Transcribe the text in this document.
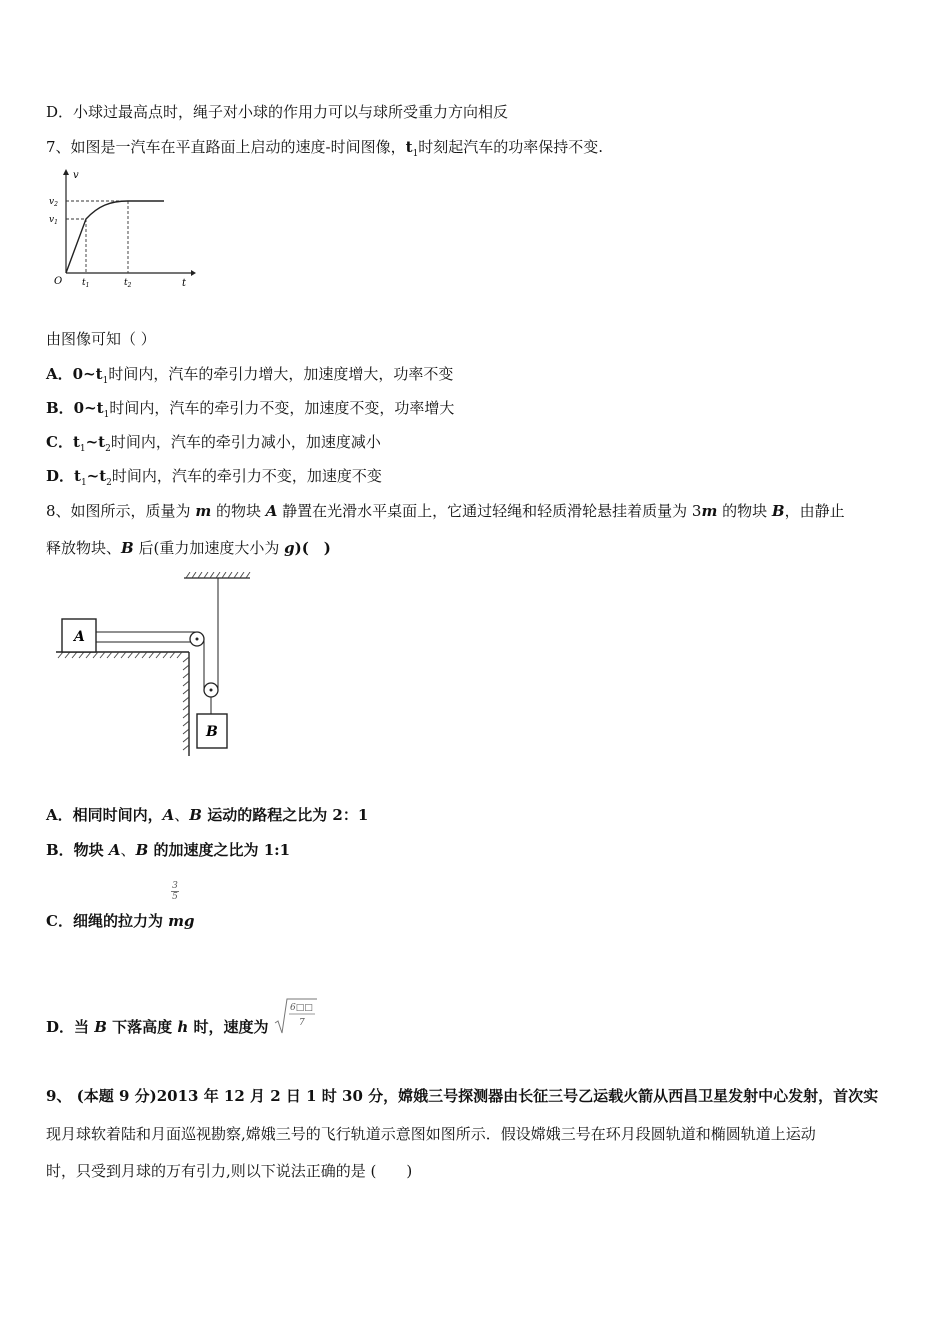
D．小球过最高点时，绳子对小球的作用力可以与球所受重力方向相反
7、如图是一汽车在平直路面上启动的速度-时间图像，$t_1$时刻起汽车的功率保持不变.
v
$v_2$
$v_1$
O $t_1$	$t_2$	t
由图像可知（ ）
A．$0\sim t_1$时间内，汽车的牵引力增大，加速度增大，功率不变
B．$0\sim t_1$时间内，汽车的牵引力不变，加速度不变，功率增大
C．$t_1\sim t_2$时间内，汽车的牵引力减小，加速度减小
D．$t_1\sim t_2$时间内，汽车的牵引力不变，加速度不变
8、如图所示，质量为 m 的物块 A 静置在光滑水平桌面上，它通过轻绳和轻质滑轮悬挂着质量为 3m 的物块 B，由静止
释放物块、B 后(重力加速度大小为 g)(　)
A
B
A．相同时间内，A、B 运动的路程之比为 2：1
B．物块 A、B 的加速度之比为 1:1
3
5
C．细绳的拉力为 mg
D．当 B 下落高度 h 时，速度为
6□□
7
9、 (本题 9 分)2013 年 12 月 2 日 1 时 30 分，嫦娥三号探测器由长征三号乙运载火箭从西昌卫星发射中心发射，首次实
现月球软着陆和月面巡视勘察,嫦娥三号的飞行轨道示意图如图所示．假设嫦娥三号在环月段圆轨道和椭圆轨道上运动
时，只受到月球的万有引力,则以下说法正确的是 (　　)
